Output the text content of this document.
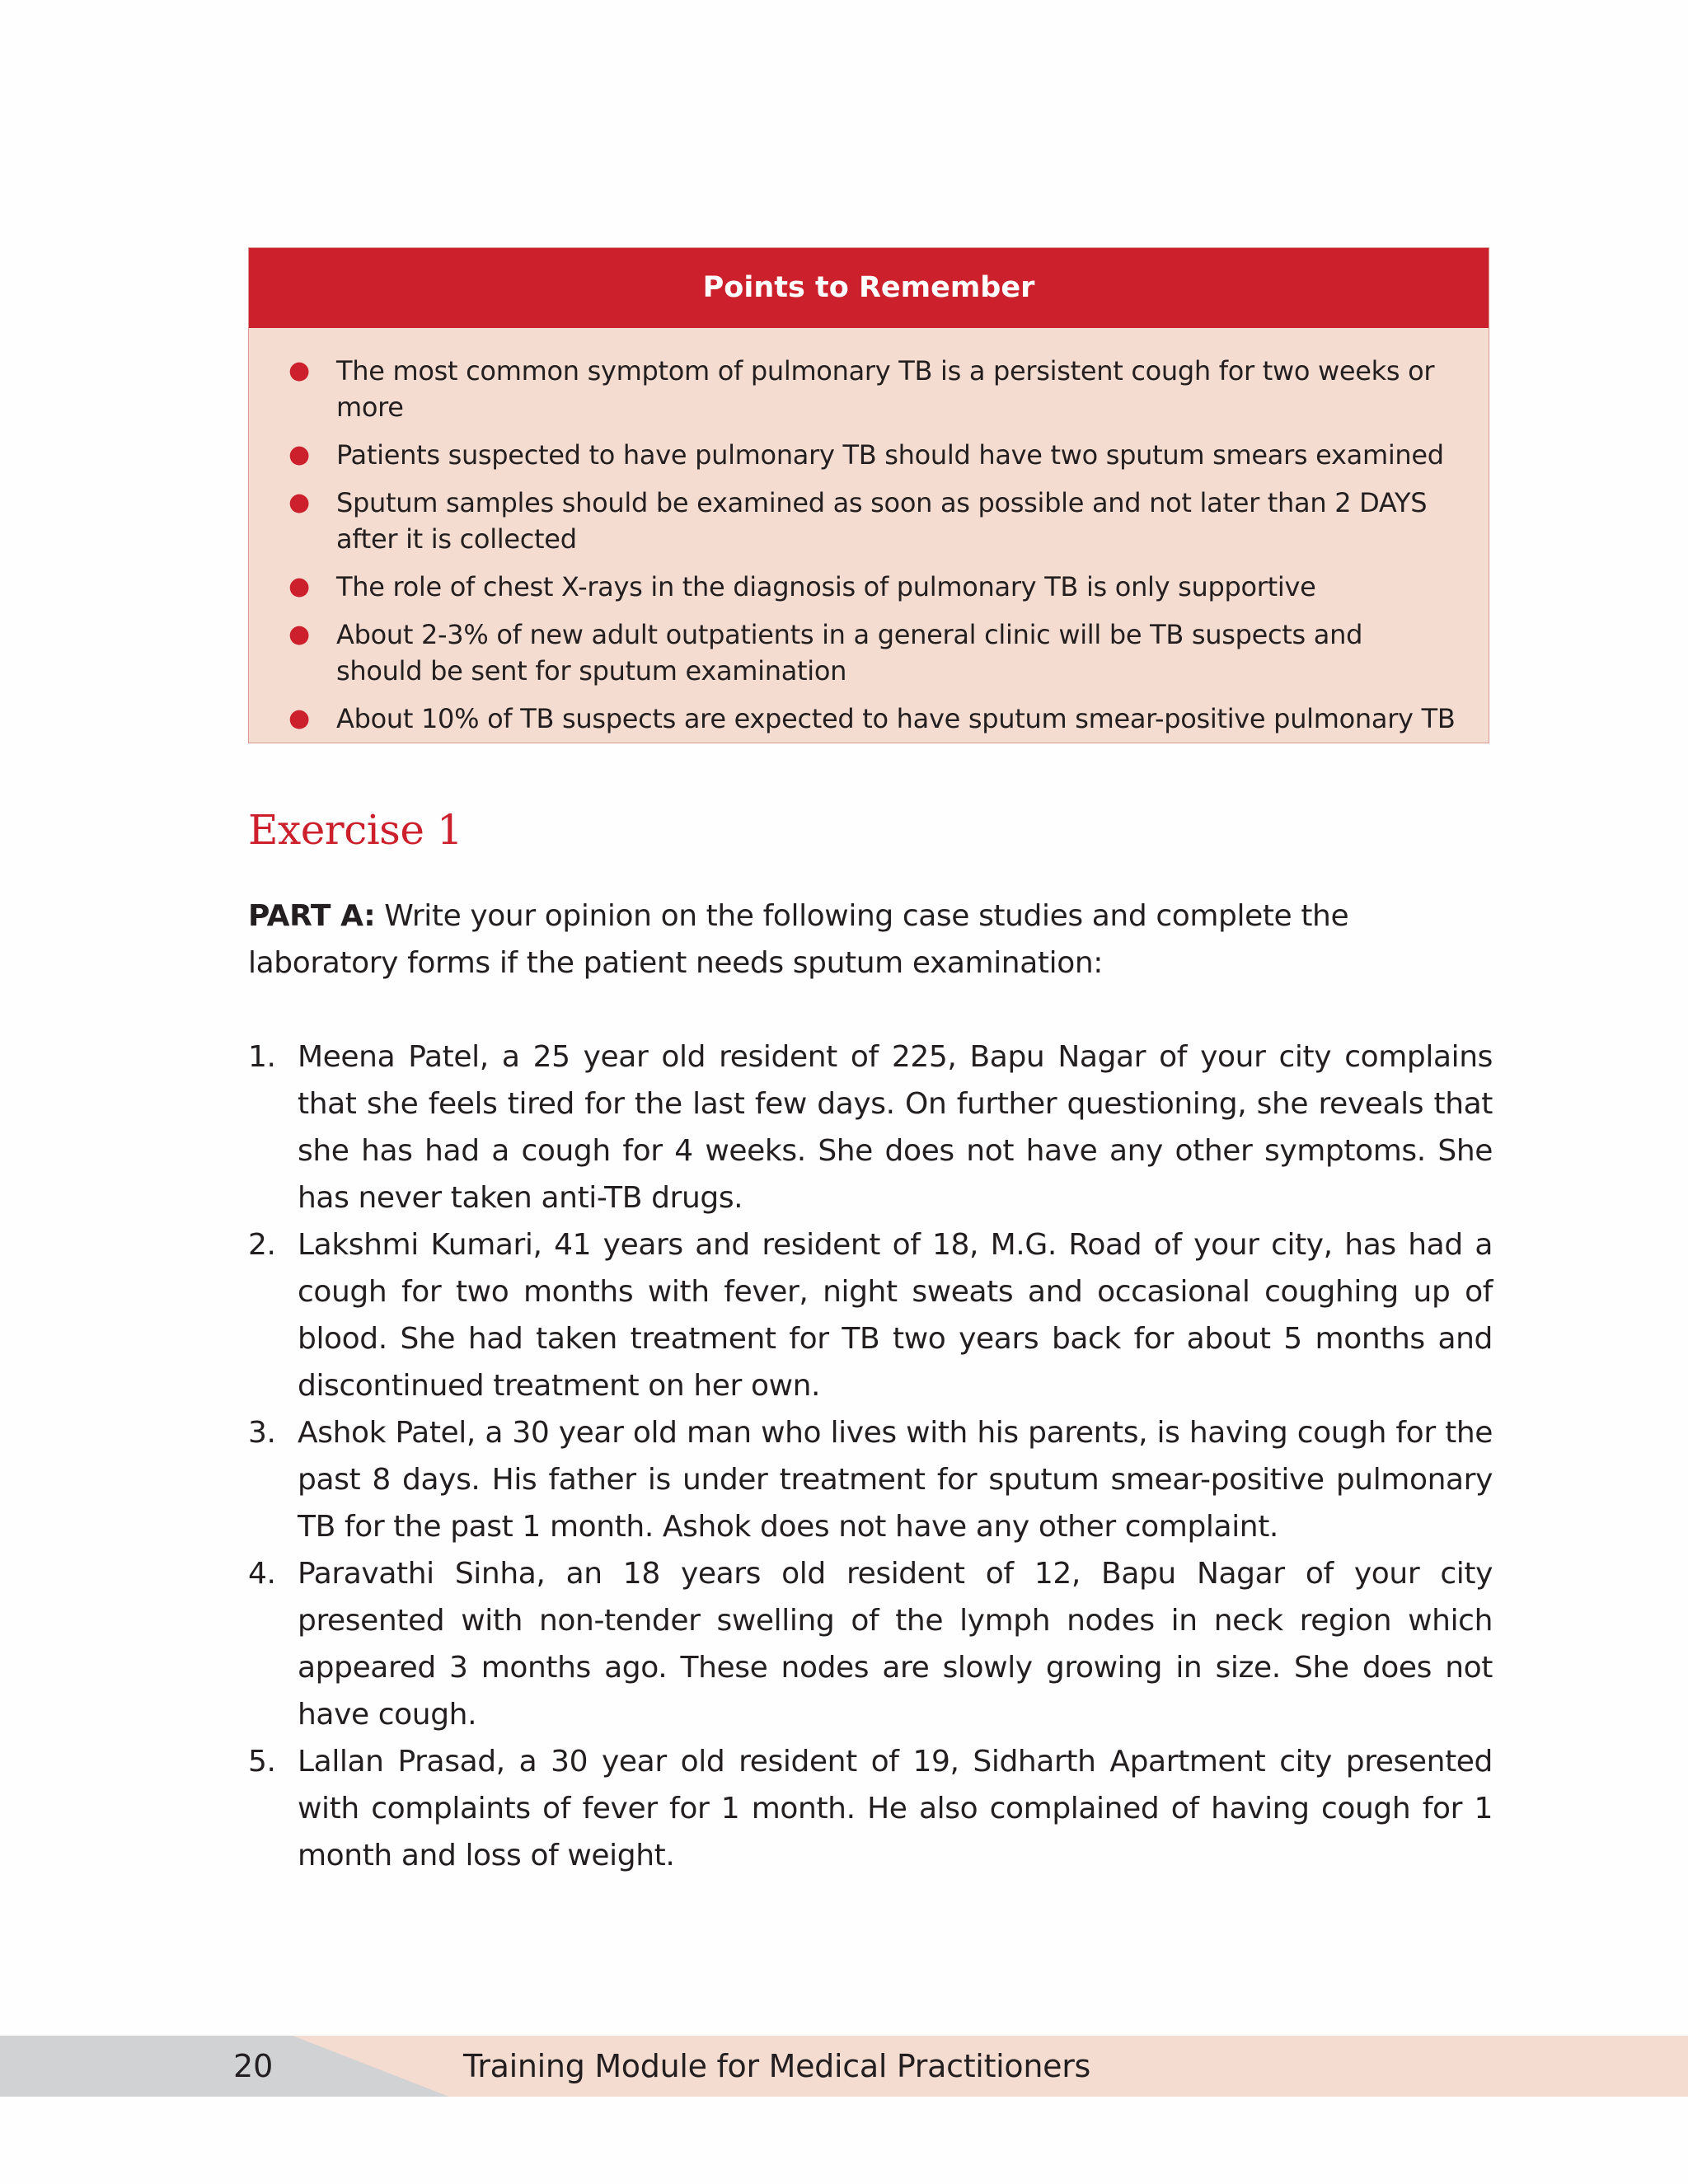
Points to Remember
● The most common symptom of pulmonary TB is a persistent cough for two weeks or more
● Patients suspected to have pulmonary TB should have two sputum smears examined
● Sputum samples should be examined as soon as possible and not later than 2 DAYS after it is collected
● The role of chest X-rays in the diagnosis of pulmonary TB is only supportive
● About 2-3% of new adult outpatients in a general clinic will be TB suspects and should be sent for sputum examination
● About 10% of TB suspects are expected to have sputum smear-positive pulmonary TB
Exercise 1
PART A: Write your opinion on the following case studies and complete the laboratory forms if the patient needs sputum examination:
1. Meena Patel, a 25 year old resident of 225, Bapu Nagar of your city complains that she feels tired for the last few days. On further questioning, she reveals that she has had a cough for 4 weeks. She does not have any other symptoms. She has never taken anti-TB drugs.
2. Lakshmi Kumari, 41 years and resident of 18, M.G. Road of your city, has had a cough for two months with fever, night sweats and occasional coughing up of blood. She had taken treatment for TB two years back for about 5 months and discontinued treatment on her own.
3. Ashok Patel, a 30 year old man who lives with his parents, is having cough for the past 8 days. His father is under treatment for sputum smear-positive pulmonary TB for the past 1 month. Ashok does not have any other complaint.
4. Paravathi Sinha, an 18 years old resident of 12, Bapu Nagar of your city presented with non-tender swelling of the lymph nodes in neck region which appeared 3 months ago. These nodes are slowly growing in size. She does not have cough.
5. Lallan Prasad, a 30 year old resident of 19, Sidharth Apartment city presented with complaints of fever for 1 month. He also complained of having cough for 1 month and loss of weight.
20	Training Module for Medical Practitioners
